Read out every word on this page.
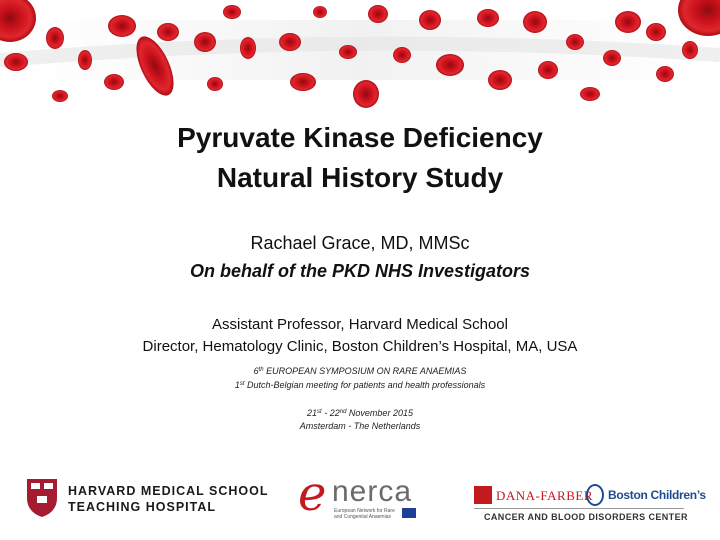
Pyruvate Kinase Deficiency
Natural History Study
Rachael Grace, MD, MMSc
On behalf of the PKD NHS Investigators
Assistant Professor, Harvard Medical School
Director, Hematology Clinic, Boston Children’s Hospital, MA, USA
6th EUROPEAN SYMPOSIUM ON RARE ANAEMIAS
1st Dutch-Belgian meeting for patients and health professionals
21st - 22nd November 2015
Amsterdam - The Netherlands
HARVARD MEDICAL SCHOOL
TEACHING HOSPITAL e nerca
European Network for Rare and Congenital Anaemias
DANA-FARBER Boston Children’s
CANCER AND BLOOD DISORDERS CENTER
